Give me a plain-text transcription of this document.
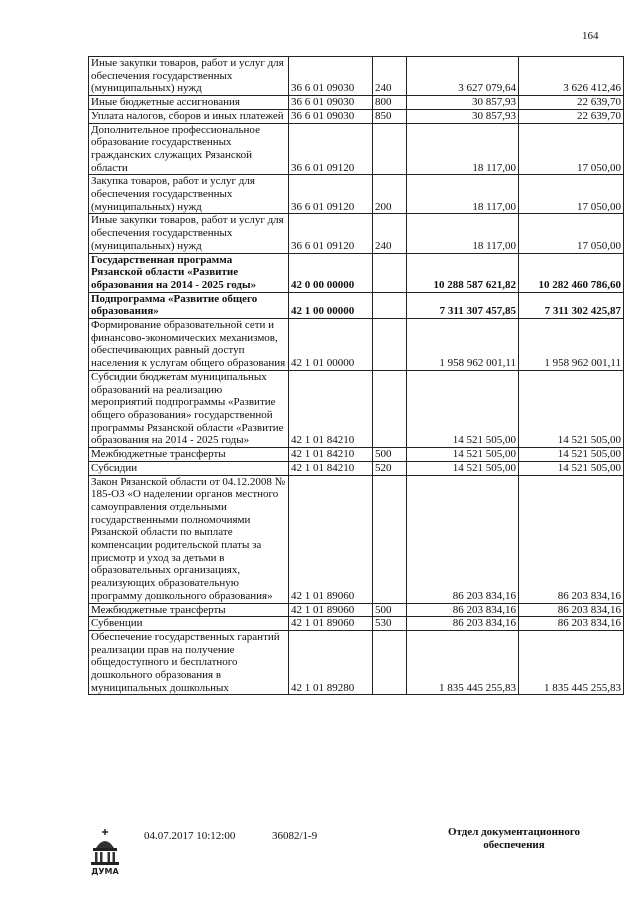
164
Иные закупки товаров, работ и услуг для обеспечения государственных (муниципальных) нужд	36 6 01 09030	240	3 627 079,64	3 626 412,46
Иные бюджетные ассигнования	36 6 01 09030	800	30 857,93	22 639,70
Уплата налогов, сборов и иных платежей	36 6 01 09030	850	30 857,93	22 639,70
Дополнительное профессиональное образование государственных гражданских служащих Рязанской области	36 6 01 09120		18 117,00	17 050,00
Закупка товаров, работ и услуг для обеспечения государственных (муниципальных) нужд	36 6 01 09120	200	18 117,00	17 050,00
Иные закупки товаров, работ и услуг для обеспечения государственных (муниципальных) нужд	36 6 01 09120	240	18 117,00	17 050,00
Государственная программа Рязанской области «Развитие образования на 2014 - 2025 годы»	42 0 00 00000		10 288 587 621,82	10 282 460 786,60
Подпрограмма «Развитие общего образования»	42 1 00 00000		7 311 307 457,85	7 311 302 425,87
Формирование образовательной сети и финансово-экономических механизмов, обеспечивающих равный доступ населения к услугам общего образования	42 1 01 00000		1 958 962 001,11	1 958 962 001,11
Субсидии бюджетам муниципальных образований на реализацию мероприятий подпрограммы «Развитие общего образования» государственной программы Рязанской области «Развитие образования на 2014 - 2025 годы»	42 1 01 84210		14 521 505,00	14 521 505,00
Межбюджетные трансферты	42 1 01 84210	500	14 521 505,00	14 521 505,00
Субсидии	42 1 01 84210	520	14 521 505,00	14 521 505,00
Закон Рязанской области от 04.12.2008 № 185-ОЗ «О наделении органов местного самоуправления отдельными государственными полномочиями Рязанской области по выплате компенсации родительской платы за присмотр и уход за детьми в образовательных организациях, реализующих образовательную программу дошкольного образования»	42 1 01 89060		86 203 834,16	86 203 834,16
Межбюджетные трансферты	42 1 01 89060	500	86 203 834,16	86 203 834,16
Субвенции	42 1 01 89060	530	86 203 834,16	86 203 834,16
Обеспечение государственных гарантий реализации прав на получение общедоступного и бесплатного дошкольного образования в муниципальных дошкольных	42 1 01 89280		1 835 445 255,83	1 835 445 255,83
ДУМА
04.07.2017 10:12:00	36082/1-9	Отдел документационного обеспечения
